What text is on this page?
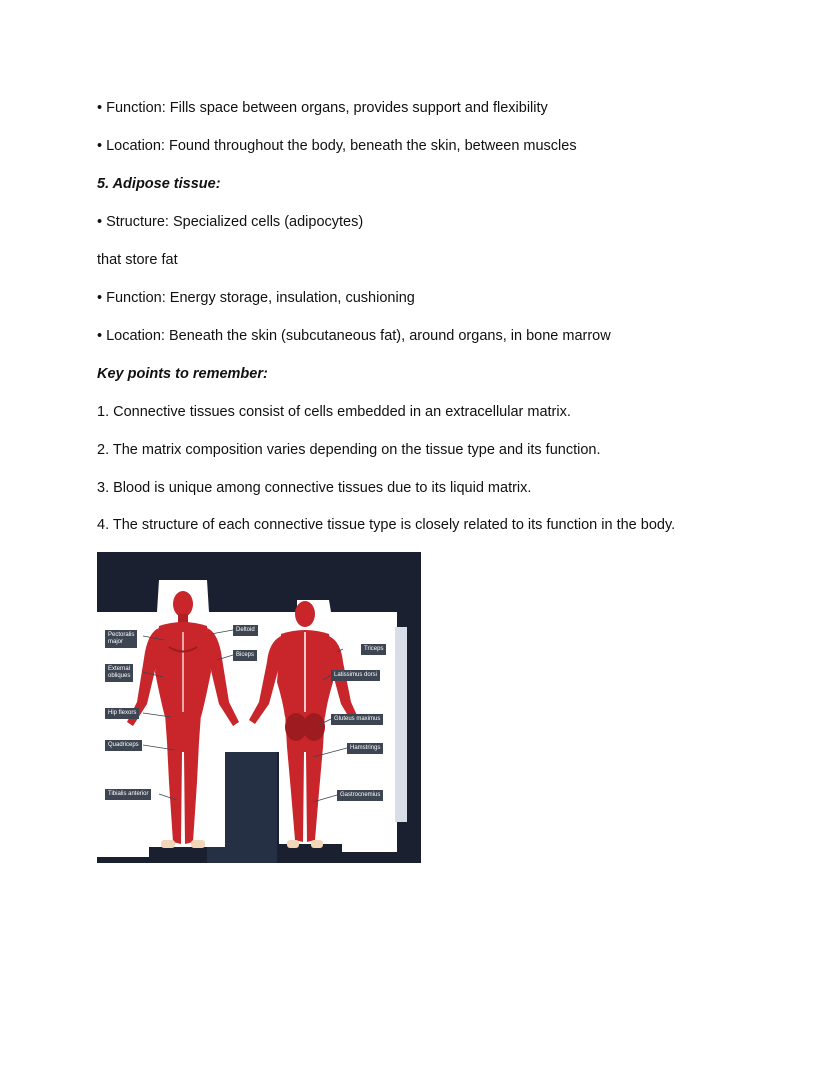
• Function: Fills space between organs, provides support and flexibility
• Location: Found throughout the body, beneath the skin, between muscles
5. Adipose tissue:
• Structure: Specialized cells (adipocytes)
that store fat
• Function: Energy storage, insulation, cushioning
• Location: Beneath the skin (subcutaneous fat), around organs, in bone marrow
Key points to remember:
1. Connective tissues consist of cells embedded in an extracellular matrix.
2. The matrix composition varies depending on the tissue type and its function.
3. Blood is unique among connective tissues due to its liquid matrix.
4. The structure of each connective tissue type is closely related to its function in the body.
Pectoralis
major
External
obliques
Hip flexors
Quadriceps
Tibialis anterior
Deltoid
Biceps
Triceps
Latissimus dorsi
Gluteus maximus
Hamstrings
Gastrocnemius
